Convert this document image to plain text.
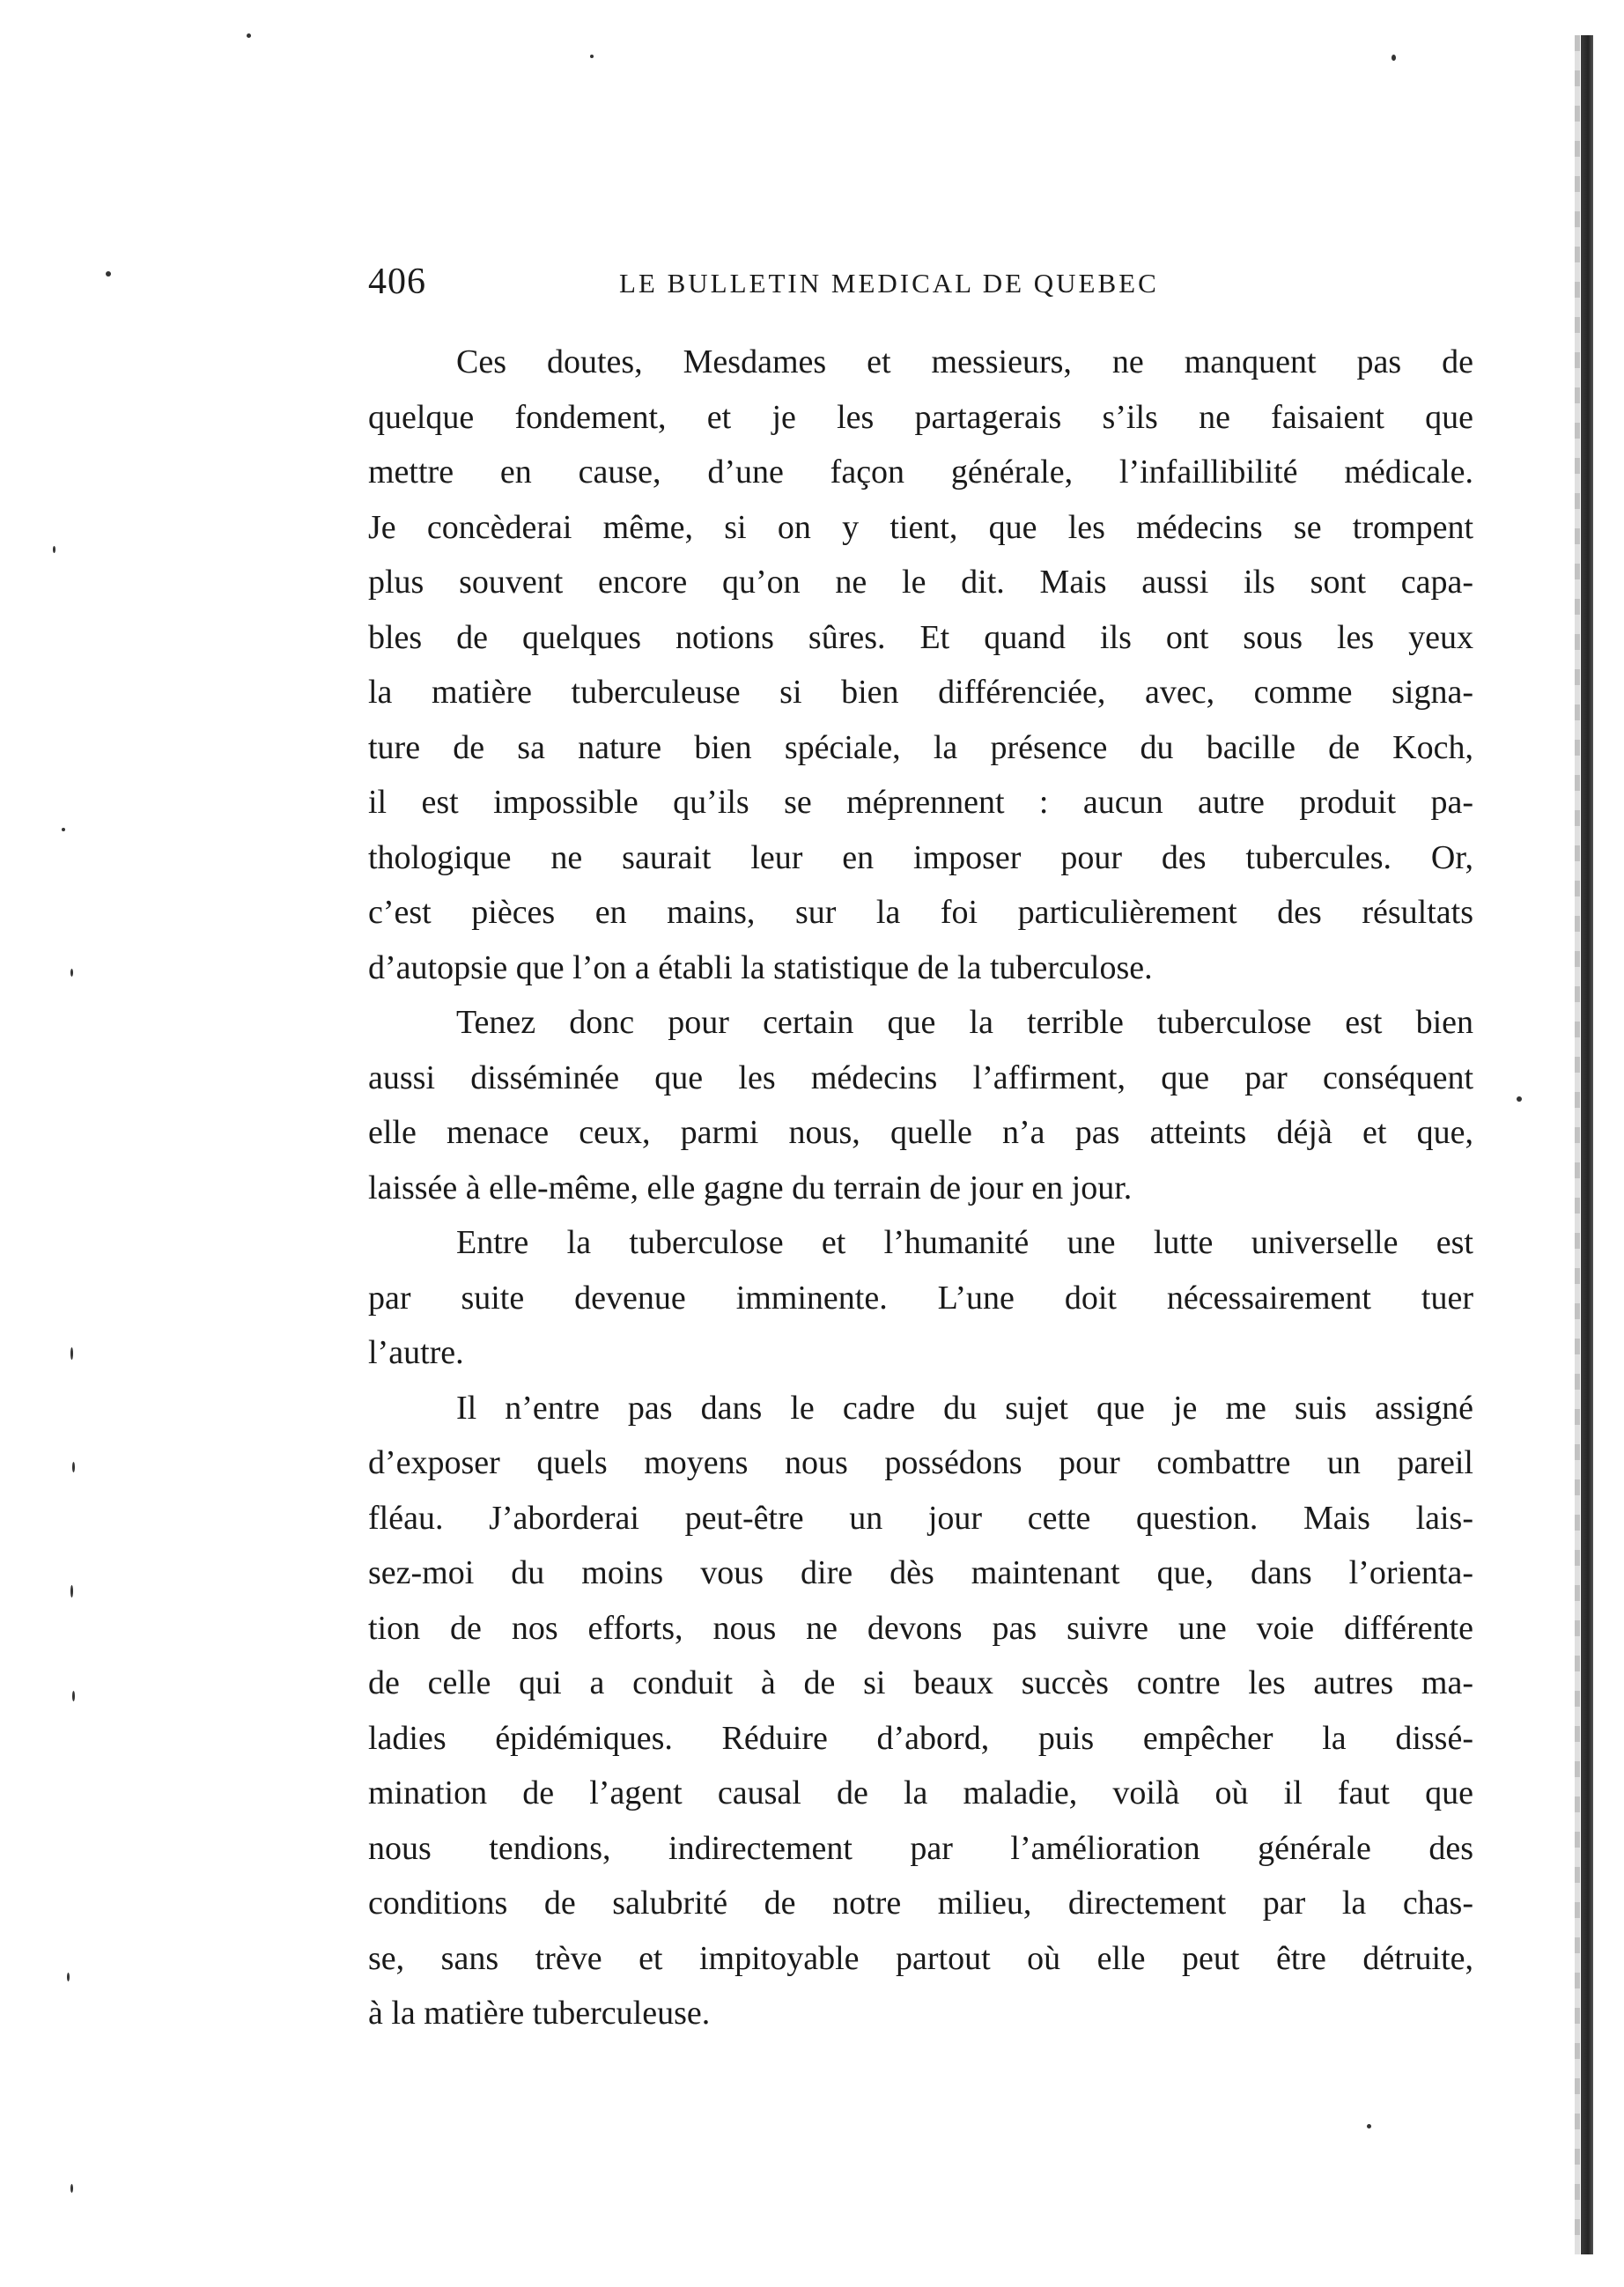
406	LE BULLETIN MEDICAL DE QUEBEC
Ces doutes, Mesdames et messieurs, ne manquent pas de
quelque fondement, et je les partagerais s’ils ne faisaient que
mettre en cause, d’une façon générale, l’infaillibilité médicale.
Je concèderai même, si on y tient, que les médecins se trompent
plus souvent encore qu’on ne le dit. Mais aussi ils sont capa-
bles de quelques notions sûres. Et quand ils ont sous les yeux
la matière tuberculeuse si bien différenciée, avec, comme signa-
ture de sa nature bien spéciale, la présence du bacille de Koch,
il est impossible qu’ils se méprennent : aucun autre produit pa-
thologique ne saurait leur en imposer pour des tubercules. Or,
c’est pièces en mains, sur la foi particulièrement des résultats
d’autopsie que l’on a établi la statistique de la tuberculose.
Tenez donc pour certain que la terrible tuberculose est bien
aussi disséminée que les médecins l’affirment, que par conséquent
elle menace ceux, parmi nous, quelle n’a pas atteints déjà et que,
laissée à elle-même, elle gagne du terrain de jour en jour.
Entre la tuberculose et l’humanité une lutte universelle est
par suite devenue imminente. L’une doit nécessairement tuer
l’autre.
Il n’entre pas dans le cadre du sujet que je me suis assigné
d’exposer quels moyens nous possédons pour combattre un pareil
fléau. J’aborderai peut-être un jour cette question. Mais lais-
sez-moi du moins vous dire dès maintenant que, dans l’orienta-
tion de nos efforts, nous ne devons pas suivre une voie différente
de celle qui a conduit à de si beaux succès contre les autres ma-
ladies épidémiques. Réduire d’abord, puis empêcher la dissé-
mination de l’agent causal de la maladie, voilà où il faut que
nous tendions, indirectement par l’amélioration générale des
conditions de salubrité de notre milieu, directement par la chas-
se, sans trève et impitoyable partout où elle peut être détruite,
à la matière tuberculeuse.
